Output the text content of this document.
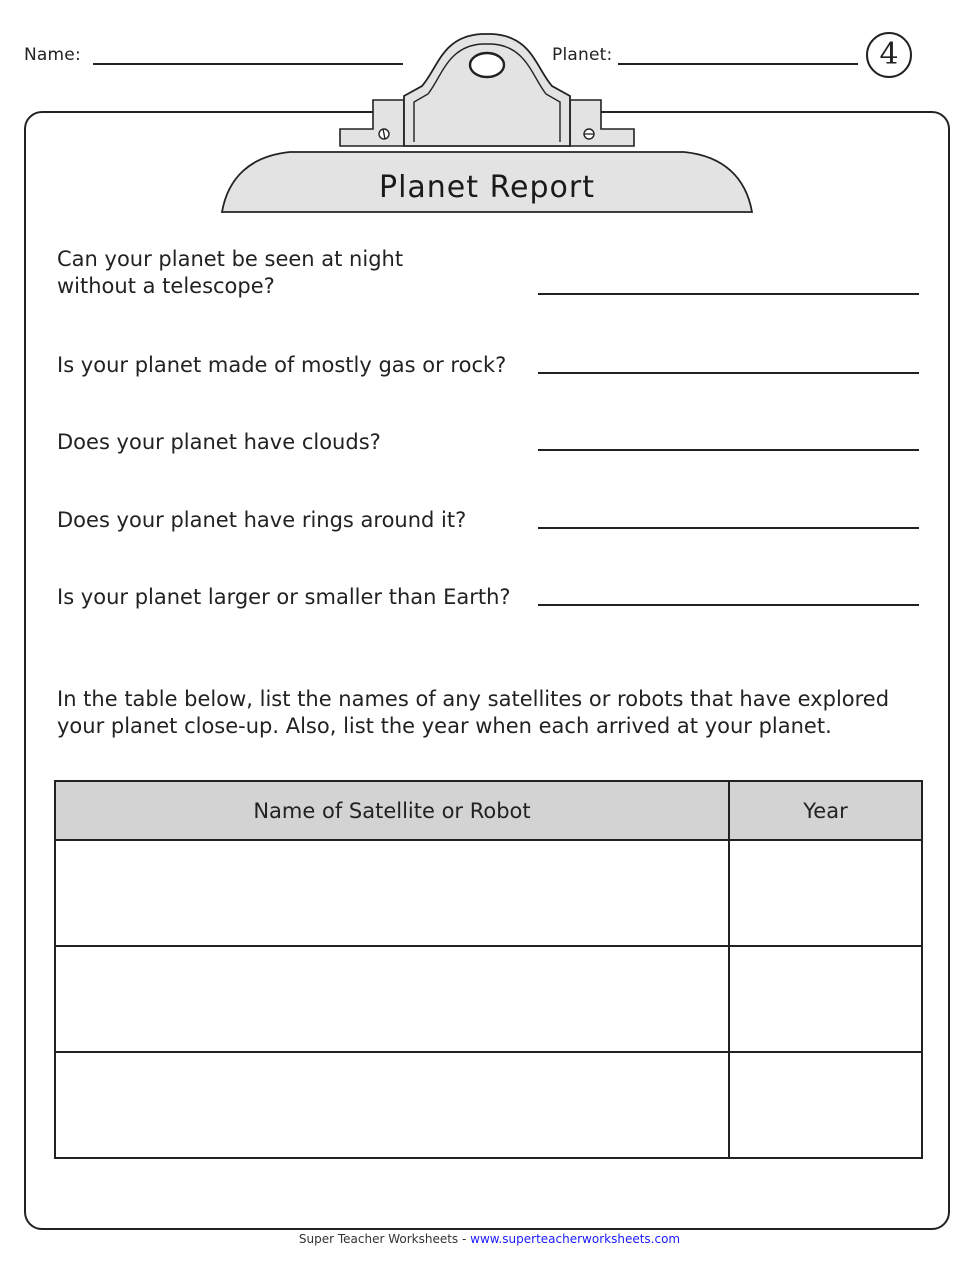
Name:	Planet:	4
Planet Report
Can your planet be seen at night
without a telescope?
Is your planet made of mostly gas or rock?
Does your planet have clouds?
Does your planet have rings around it?
Is your planet larger or smaller than Earth?
In the table below, list the names of any satellites or robots that have explored
your planet close-up. Also, list the year when each arrived at your planet.
Name of Satellite or Robot	Year

Super Teacher Worksheets - www.superteacherworksheets.com
